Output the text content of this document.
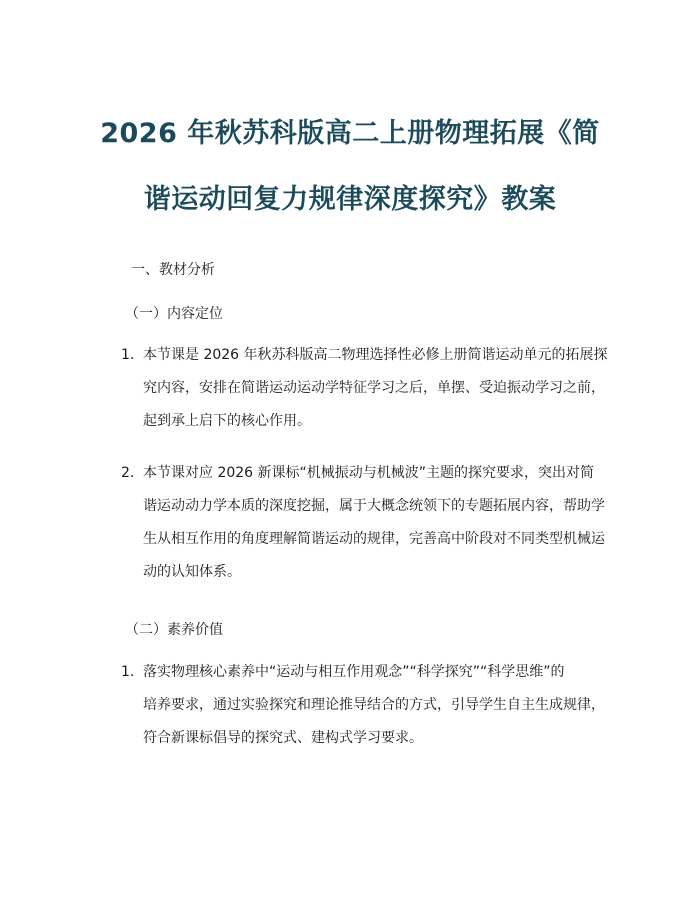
2026 年秋苏科版高二上册物理拓展《简
谐运动回复力规律深度探究》教案
一、教材分析
（一）内容定位
1. 本节课是 2026 年秋苏科版高二物理选择性必修上册简谐运动单元的拓展探
究内容，安排在简谐运动运动学特征学习之后，单摆、受迫振动学习之前，
起到承上启下的核心作用。
2. 本节课对应 2026 新课标“机械振动与机械波”主题的探究要求，突出对简
谐运动动力学本质的深度挖掘，属于大概念统领下的专题拓展内容，帮助学
生从相互作用的角度理解简谐运动的规律，完善高中阶段对不同类型机械运
动的认知体系。
（二）素养价值
1. 落实物理核心素养中“运动与相互作用观念”“科学探究”“科学思维”的
培养要求，通过实验探究和理论推导结合的方式，引导学生自主生成规律，
符合新课标倡导的探究式、建构式学习要求。
